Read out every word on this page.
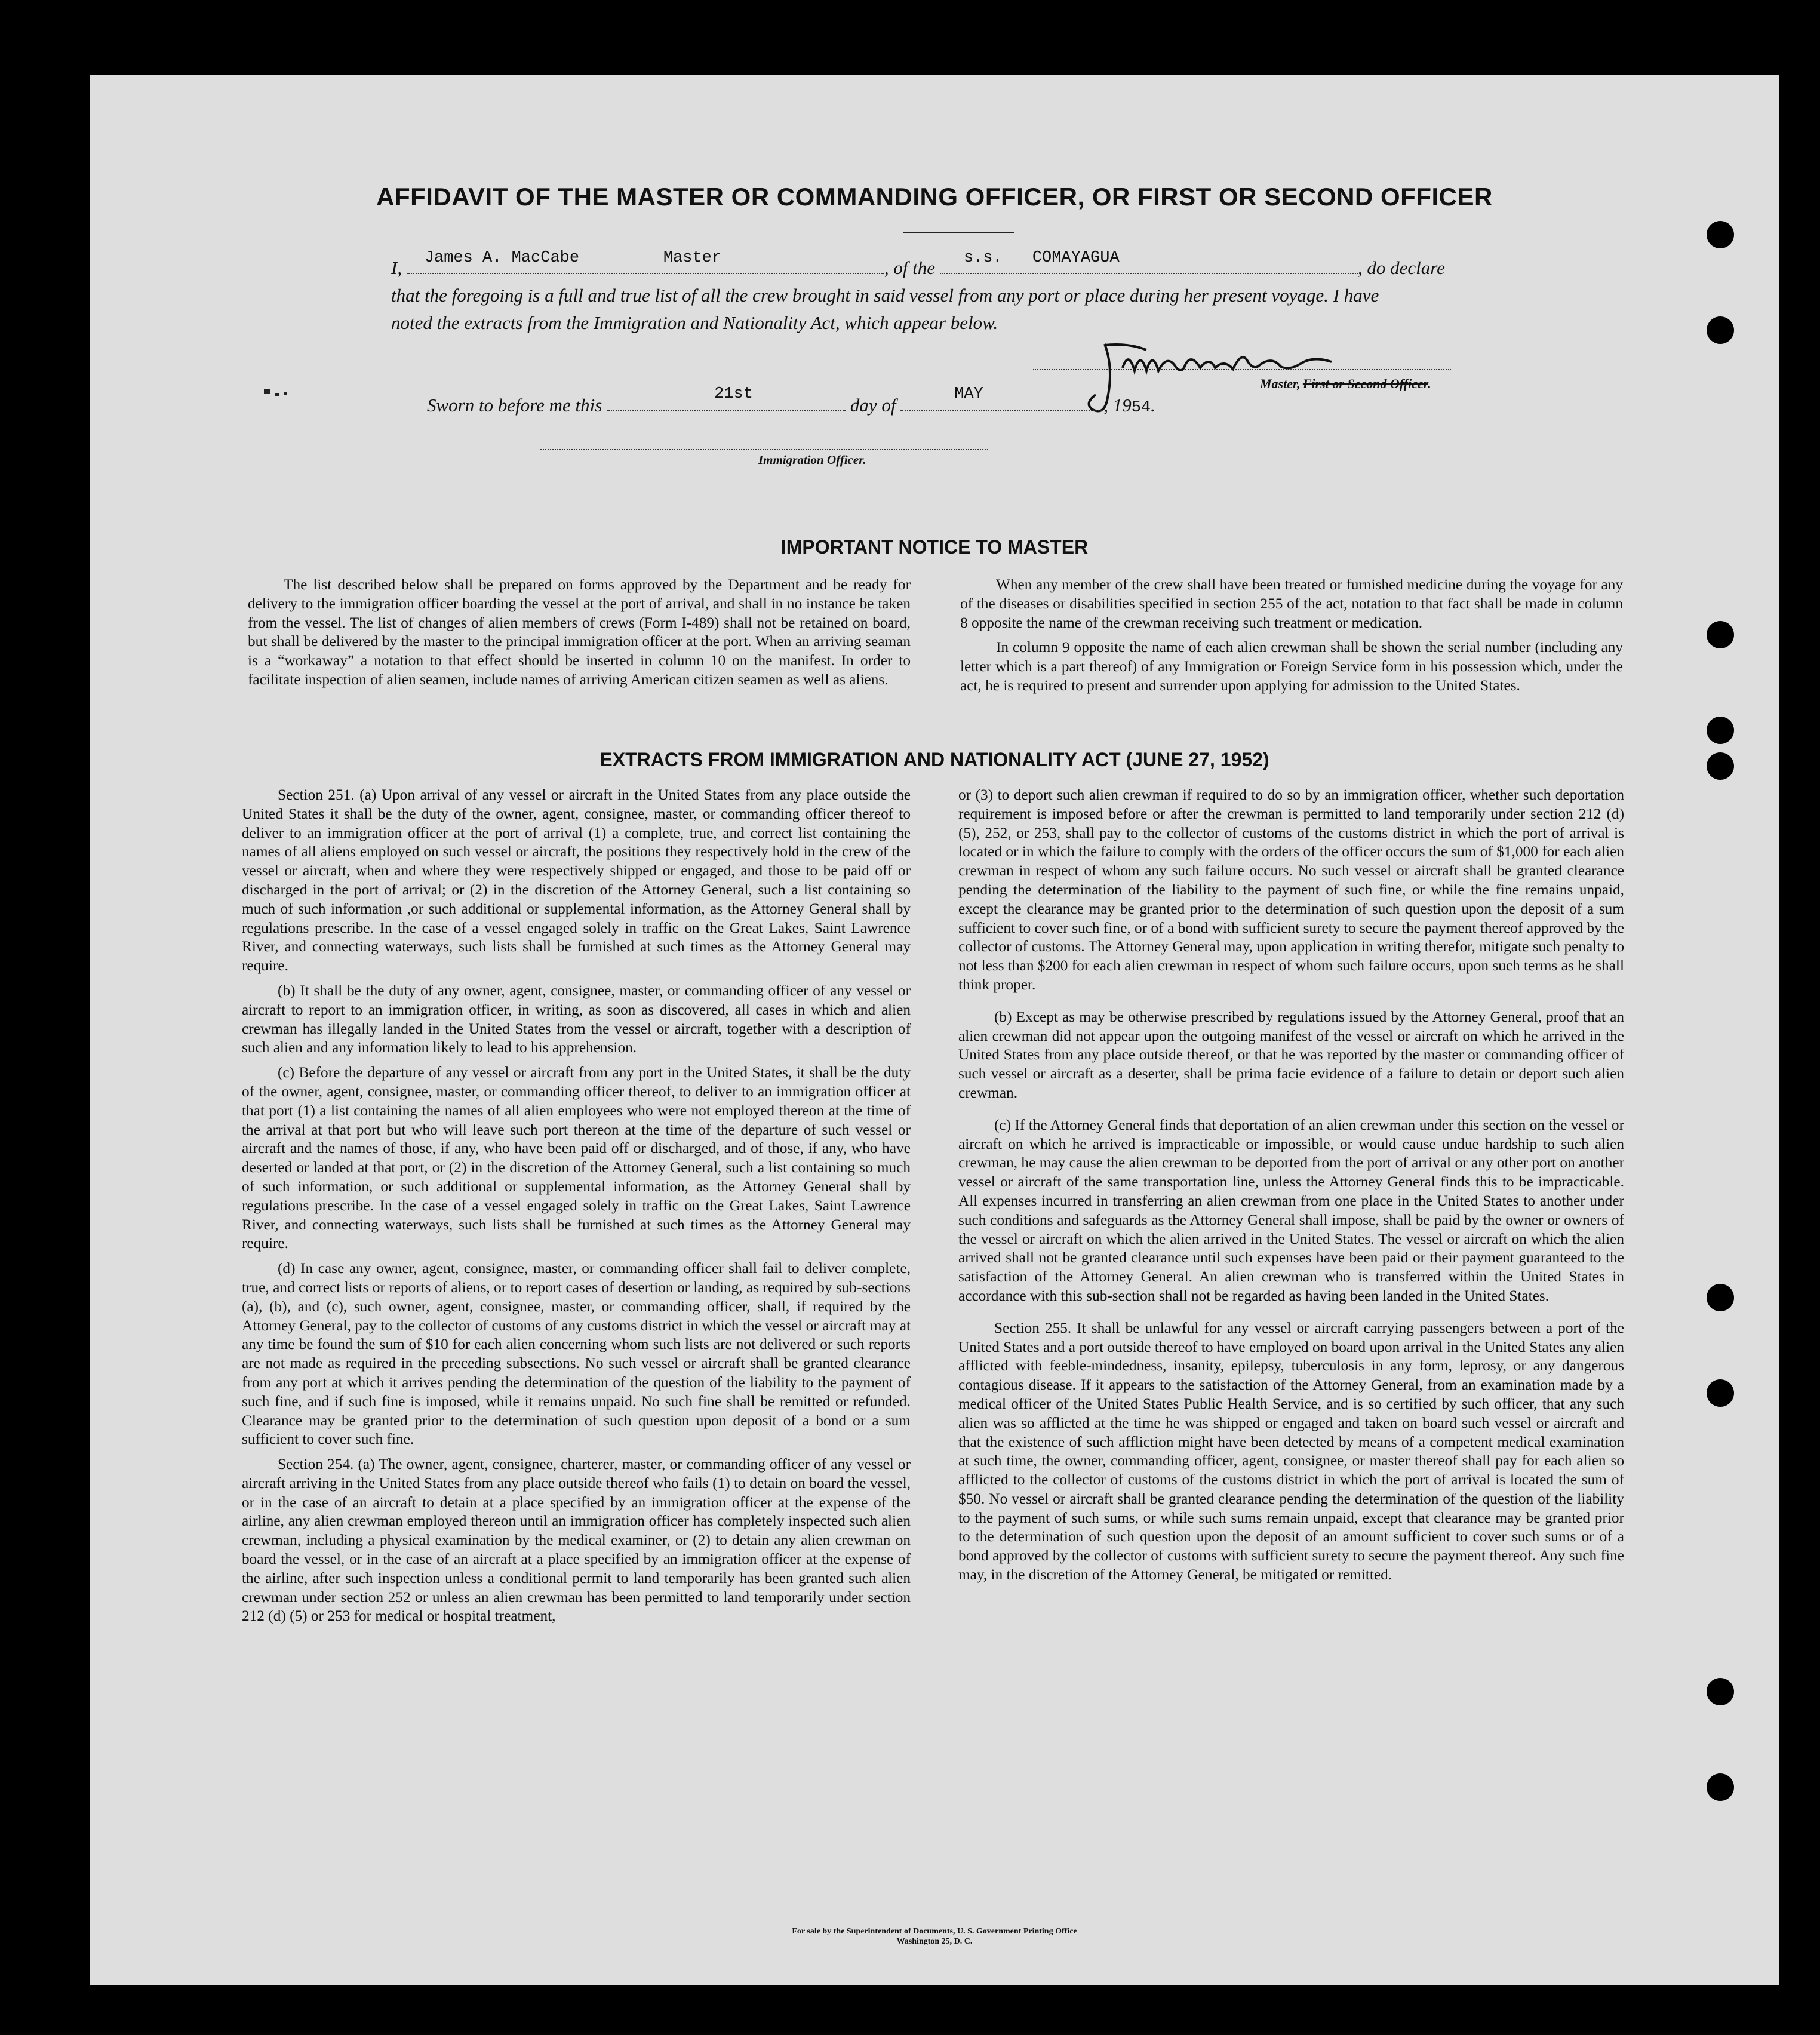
AFFIDAVIT OF THE MASTER OR COMMANDING OFFICER, OR FIRST OR SECOND OFFICER
I, James A. MacCabe	Master	, of the s.s. COMAYAGUA	, do declare
that the foregoing is a full and true list of all the crew brought in said vessel from any port or place during her present voyage. I have
noted the extracts from the Immigration and Nationality Act, which appear below.
Master, First or Second Officer.
Sworn to before me this
21st
day of
MAY
, 1954.
Immigration Officer.
IMPORTANT NOTICE TO MASTER

The list described below shall be prepared on forms approved by the Department and be ready for delivery to the immigration officer boarding the vessel at the port of arrival, and shall in no instance be taken from the vessel. The list of changes of alien members of crews (Form I-489) shall not be retained on board, but shall be delivered by the master to the principal immigration officer at the port. When an arriving seaman is a “workaway” a notation to that effect should be inserted in column 10 on the manifest. In order to facilitate inspection of alien seamen, include names of arriving American citizen seamen as well as aliens.

When any member of the crew shall have been treated or furnished medicine during the voyage for any of the diseases or disabilities specified in section 255 of the act, notation to that fact shall be made in column 8 opposite the name of the crewman receiving such treatment or medication.

In column 9 opposite the name of each alien crewman shall be shown the serial number (including any letter which is a part thereof) of any Immigration or Foreign Service form in his possession which, under the act, he is required to present and surrender upon applying for admission to the United States.

EXTRACTS FROM IMMIGRATION AND NATIONALITY ACT (JUNE 27, 1952)

Section 251. (a) Upon arrival of any vessel or aircraft in the United States from any place outside the United States it shall be the duty of the owner, agent, consignee, master, or commanding officer thereof to deliver to an immigration officer at the port of arrival (1) a complete, true, and correct list containing the names of all aliens employed on such vessel or aircraft, the positions they respectively hold in the crew of the vessel or aircraft, when and where they were respectively shipped or engaged, and those to be paid off or discharged in the port of arrival; or (2) in the discretion of the Attorney General, such a list containing so much of such information ,or such additional or supplemental information, as the Attorney General shall by regulations prescribe. In the case of a vessel engaged solely in traffic on the Great Lakes, Saint Lawrence River, and connecting waterways, such lists shall be furnished at such times as the Attorney General may require.

(b) It shall be the duty of any owner, agent, consignee, master, or commanding officer of any vessel or aircraft to report to an immigration officer, in writing, as soon as discovered, all cases in which and alien crewman has illegally landed in the United States from the vessel or aircraft, together with a description of such alien and any information likely to lead to his apprehension.

(c) Before the departure of any vessel or aircraft from any port in the United States, it shall be the duty of the owner, agent, consignee, master, or commanding officer thereof, to deliver to an immigration officer at that port (1) a list containing the names of all alien employees who were not employed thereon at the time of the arrival at that port but who will leave such port thereon at the time of the departure of such vessel or aircraft and the names of those, if any, who have been paid off or discharged, and of those, if any, who have deserted or landed at that port, or (2) in the discretion of the Attorney General, such a list containing so much of such information, or such additional or supplemental information, as the Attorney General shall by regulations prescribe. In the case of a vessel engaged solely in traffic on the Great Lakes, Saint Lawrence River, and connecting waterways, such lists shall be furnished at such times as the Attorney General may require.

(d) In case any owner, agent, consignee, master, or commanding officer shall fail to deliver complete, true, and correct lists or reports of aliens, or to report cases of desertion or landing, as required by sub-sections (a), (b), and (c), such owner, agent, consignee, master, or commanding officer, shall, if required by the Attorney General, pay to the collector of customs of any customs district in which the vessel or aircraft may at any time be found the sum of $10 for each alien concerning whom such lists are not delivered or such reports are not made as required in the preceding subsections. No such vessel or aircraft shall be granted clearance from any port at which it arrives pending the determination of the question of the liability to the payment of such fine, and if such fine is imposed, while it remains unpaid. No such fine shall be remitted or refunded. Clearance may be granted prior to the determination of such question upon deposit of a bond or a sum sufficient to cover such fine.

Section 254. (a) The owner, agent, consignee, charterer, master, or commanding officer of any vessel or aircraft arriving in the United States from any place outside thereof who fails (1) to detain on board the vessel, or in the case of an aircraft to detain at a place specified by an immigration officer at the expense of the airline, any alien crewman employed thereon until an immigration officer has completely inspected such alien crewman, including a physical examination by the medical examiner, or (2) to detain any alien crewman on board the vessel, or in the case of an aircraft at a place specified by an immigration officer at the expense of the airline, after such inspection unless a conditional permit to land temporarily has been granted such alien crewman under section 252 or unless an alien crewman has been permitted to land temporarily under section 212 (d) (5) or 253 for medical or hospital treatment,

or (3) to deport such alien crewman if required to do so by an immigration officer, whether such deportation requirement is imposed before or after the crewman is permitted to land temporarily under section 212 (d) (5), 252, or 253, shall pay to the collector of customs of the customs district in which the port of arrival is located or in which the failure to comply with the orders of the officer occurs the sum of $1,000 for each alien crewman in respect of whom any such failure occurs. No such vessel or aircraft shall be granted clearance pending the determination of the liability to the payment of such fine, or while the fine remains unpaid, except the clearance may be granted prior to the determination of such question upon the deposit of a sum sufficient to cover such fine, or of a bond with sufficient surety to secure the payment thereof approved by the collector of customs. The Attorney General may, upon application in writing therefor, mitigate such penalty to not less than $200 for each alien crewman in respect of whom such failure occurs, upon such terms as he shall think proper.

(b) Except as may be otherwise prescribed by regulations issued by the Attorney General, proof that an alien crewman did not appear upon the outgoing manifest of the vessel or aircraft on which he arrived in the United States from any place outside thereof, or that he was reported by the master or commanding officer of such vessel or aircraft as a deserter, shall be prima facie evidence of a failure to detain or deport such alien crewman.

(c) If the Attorney General finds that deportation of an alien crewman under this section on the vessel or aircraft on which he arrived is impracticable or impossible, or would cause undue hardship to such alien crewman, he may cause the alien crewman to be deported from the port of arrival or any other port on another vessel or aircraft of the same transportation line, unless the Attorney General finds this to be impracticable. All expenses incurred in transferring an alien crewman from one place in the United States to another under such conditions and safeguards as the Attorney General shall impose, shall be paid by the owner or owners of the vessel or aircraft on which the alien arrived in the United States. The vessel or aircraft on which the alien arrived shall not be granted clearance until such expenses have been paid or their payment guaranteed to the satisfaction of the Attorney General. An alien crewman who is transferred within the United States in accordance with this sub-section shall not be regarded as having been landed in the United States.

Section 255. It shall be unlawful for any vessel or aircraft carrying passengers between a port of the United States and a port outside thereof to have employed on board upon arrival in the United States any alien afflicted with feeble-mindedness, insanity, epilepsy, tuberculosis in any form, leprosy, or any dangerous contagious disease. If it appears to the satisfaction of the Attorney General, from an examination made by a medical officer of the United States Public Health Service, and is so certified by such officer, that any such alien was so afflicted at the time he was shipped or engaged and taken on board such vessel or aircraft and that the existence of such affliction might have been detected by means of a competent medical examination at such time, the owner, commanding officer, agent, consignee, or master thereof shall pay for each alien so afflicted to the collector of customs of the customs district in which the port of arrival is located the sum of $50. No vessel or aircraft shall be granted clearance pending the determination of the question of the liability to the payment of such sums, or while such sums remain unpaid, except that clearance may be granted prior to the determination of such question upon the deposit of an amount sufficient to cover such sums or of a bond approved by the collector of customs with sufficient surety to secure the payment thereof. Any such fine may, in the discretion of the Attorney General, be mitigated or remitted.

For sale by the Superintendent of Documents, U. S. Government Printing Office
Washington 25, D. C.
